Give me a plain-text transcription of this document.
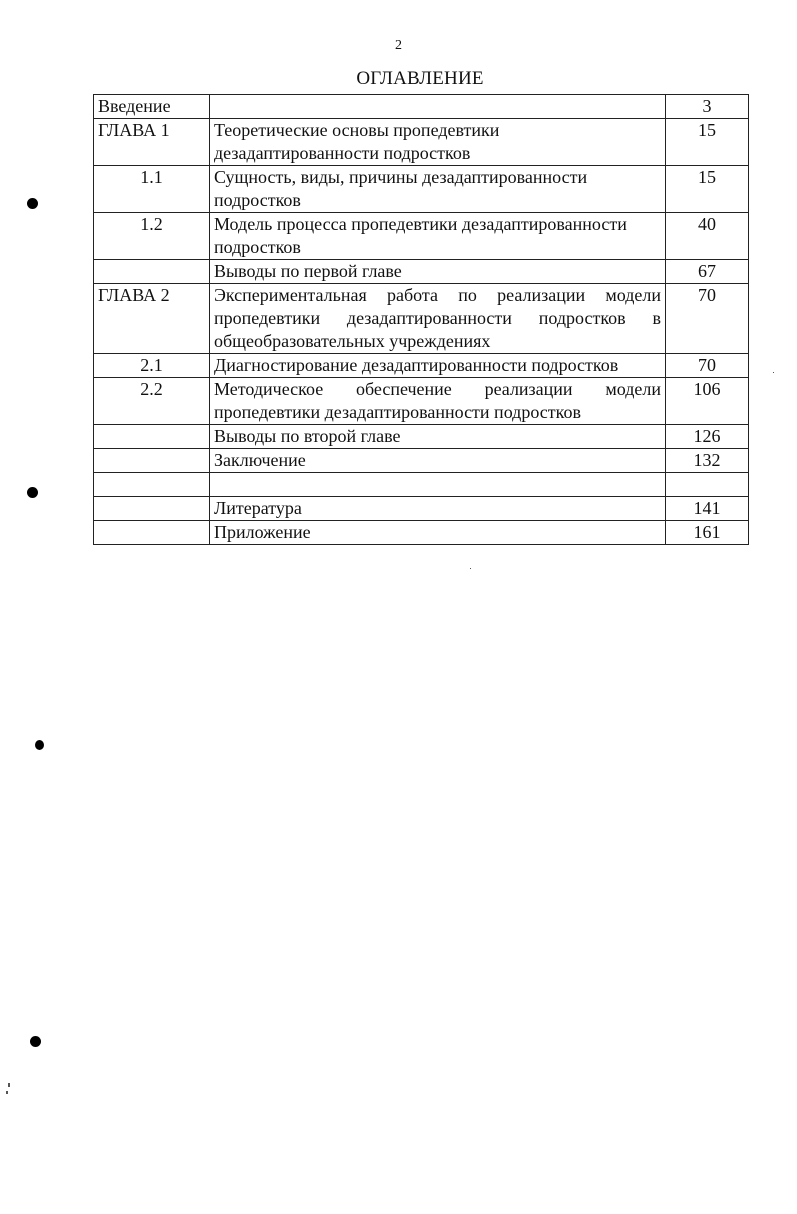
2
ОГЛАВЛЕНИЕ
Введение		3
ГЛАВА 1	Теоретические основы пропедевтики дезадаптированности подростков	15
1.1	Сущность, виды, причины дезадаптированности подростков	15
1.2	Модель процесса пропедевтики дезадаптированности подростков	40
	Выводы по первой главе	67
ГЛАВА 2	Экспериментальная работа по реализации модели пропедевтики дезадаптированности подростков в общеобразовательных учреждениях	70
2.1	Диагностирование дезадаптированности подростков	70
2.2	Методическое обеспечение реализации модели пропедевтики дезадаптированности подростков	106
	Выводы по второй главе	126
	Заключение	132

	Литература	141
	Приложение	161
